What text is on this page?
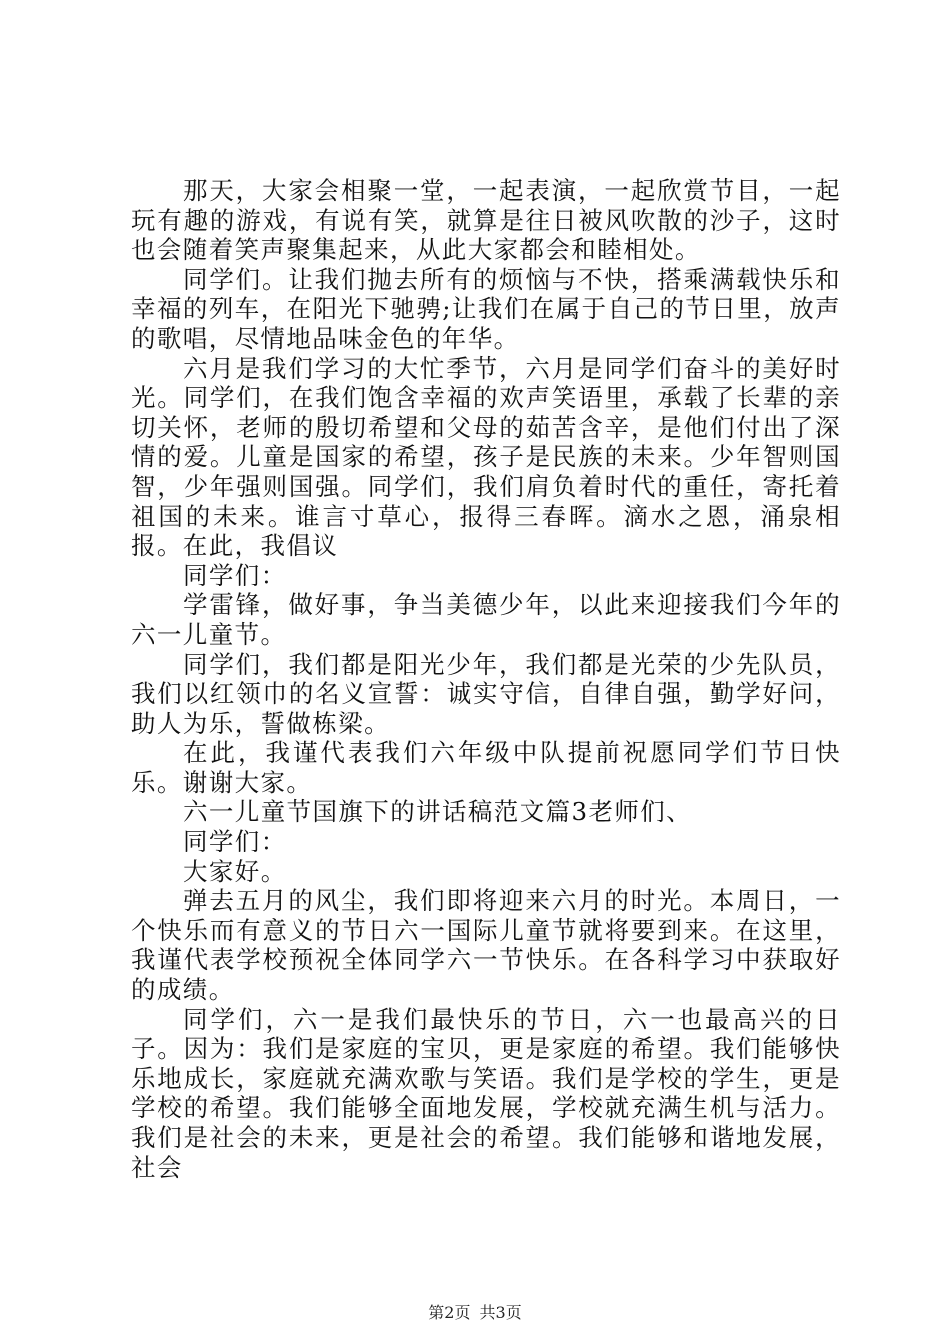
那天，大家会相聚一堂，一起表演，一起欣赏节目，一起玩有趣的游戏，有说有笑，就算是往日被风吹散的沙子，这时也会随着笑声聚集起来，从此大家都会和睦相处。

同学们。让我们抛去所有的烦恼与不快，搭乘满载快乐和幸福的列车，在阳光下驰骋;让我们在属于自己的节日里，放声的歌唱，尽情地品味金色的年华。

六月是我们学习的大忙季节，六月是同学们奋斗的美好时光。同学们，在我们饱含幸福的欢声笑语里，承载了长辈的亲切关怀，老师的殷切希望和父母的茹苦含辛，是他们付出了深情的爱。儿童是国家的希望，孩子是民族的未来。少年智则国智，少年强则国强。同学们，我们肩负着时代的重任，寄托着祖国的未来。谁言寸草心，报得三春晖。滴水之恩，涌泉相报。在此，我倡议

同学们：

学雷锋，做好事，争当美德少年，以此来迎接我们今年的六一儿童节。

同学们，我们都是阳光少年，我们都是光荣的少先队员，我们以红领巾的名义宣誓：诚实守信，自律自强，勤学好问，助人为乐，誓做栋梁。

在此，我谨代表我们六年级中队提前祝愿同学们节日快乐。谢谢大家。

六一儿童节国旗下的讲话稿范文篇3老师们、

同学们：

大家好。

弹去五月的风尘，我们即将迎来六月的时光。本周日，一个快乐而有意义的节日六一国际儿童节就将要到来。在这里，我谨代表学校预祝全体同学六一节快乐。在各科学习中获取好的成绩。

同学们，六一是我们最快乐的节日，六一也最高兴的日子。因为：我们是家庭的宝贝，更是家庭的希望。我们能够快乐地成长，家庭就充满欢歌与笑语。我们是学校的学生，更是学校的希望。我们能够全面地发展，学校就充满生机与活力。我们是社会的未来，更是社会的希望。我们能够和谐地发展，社会

第2页 共3页
